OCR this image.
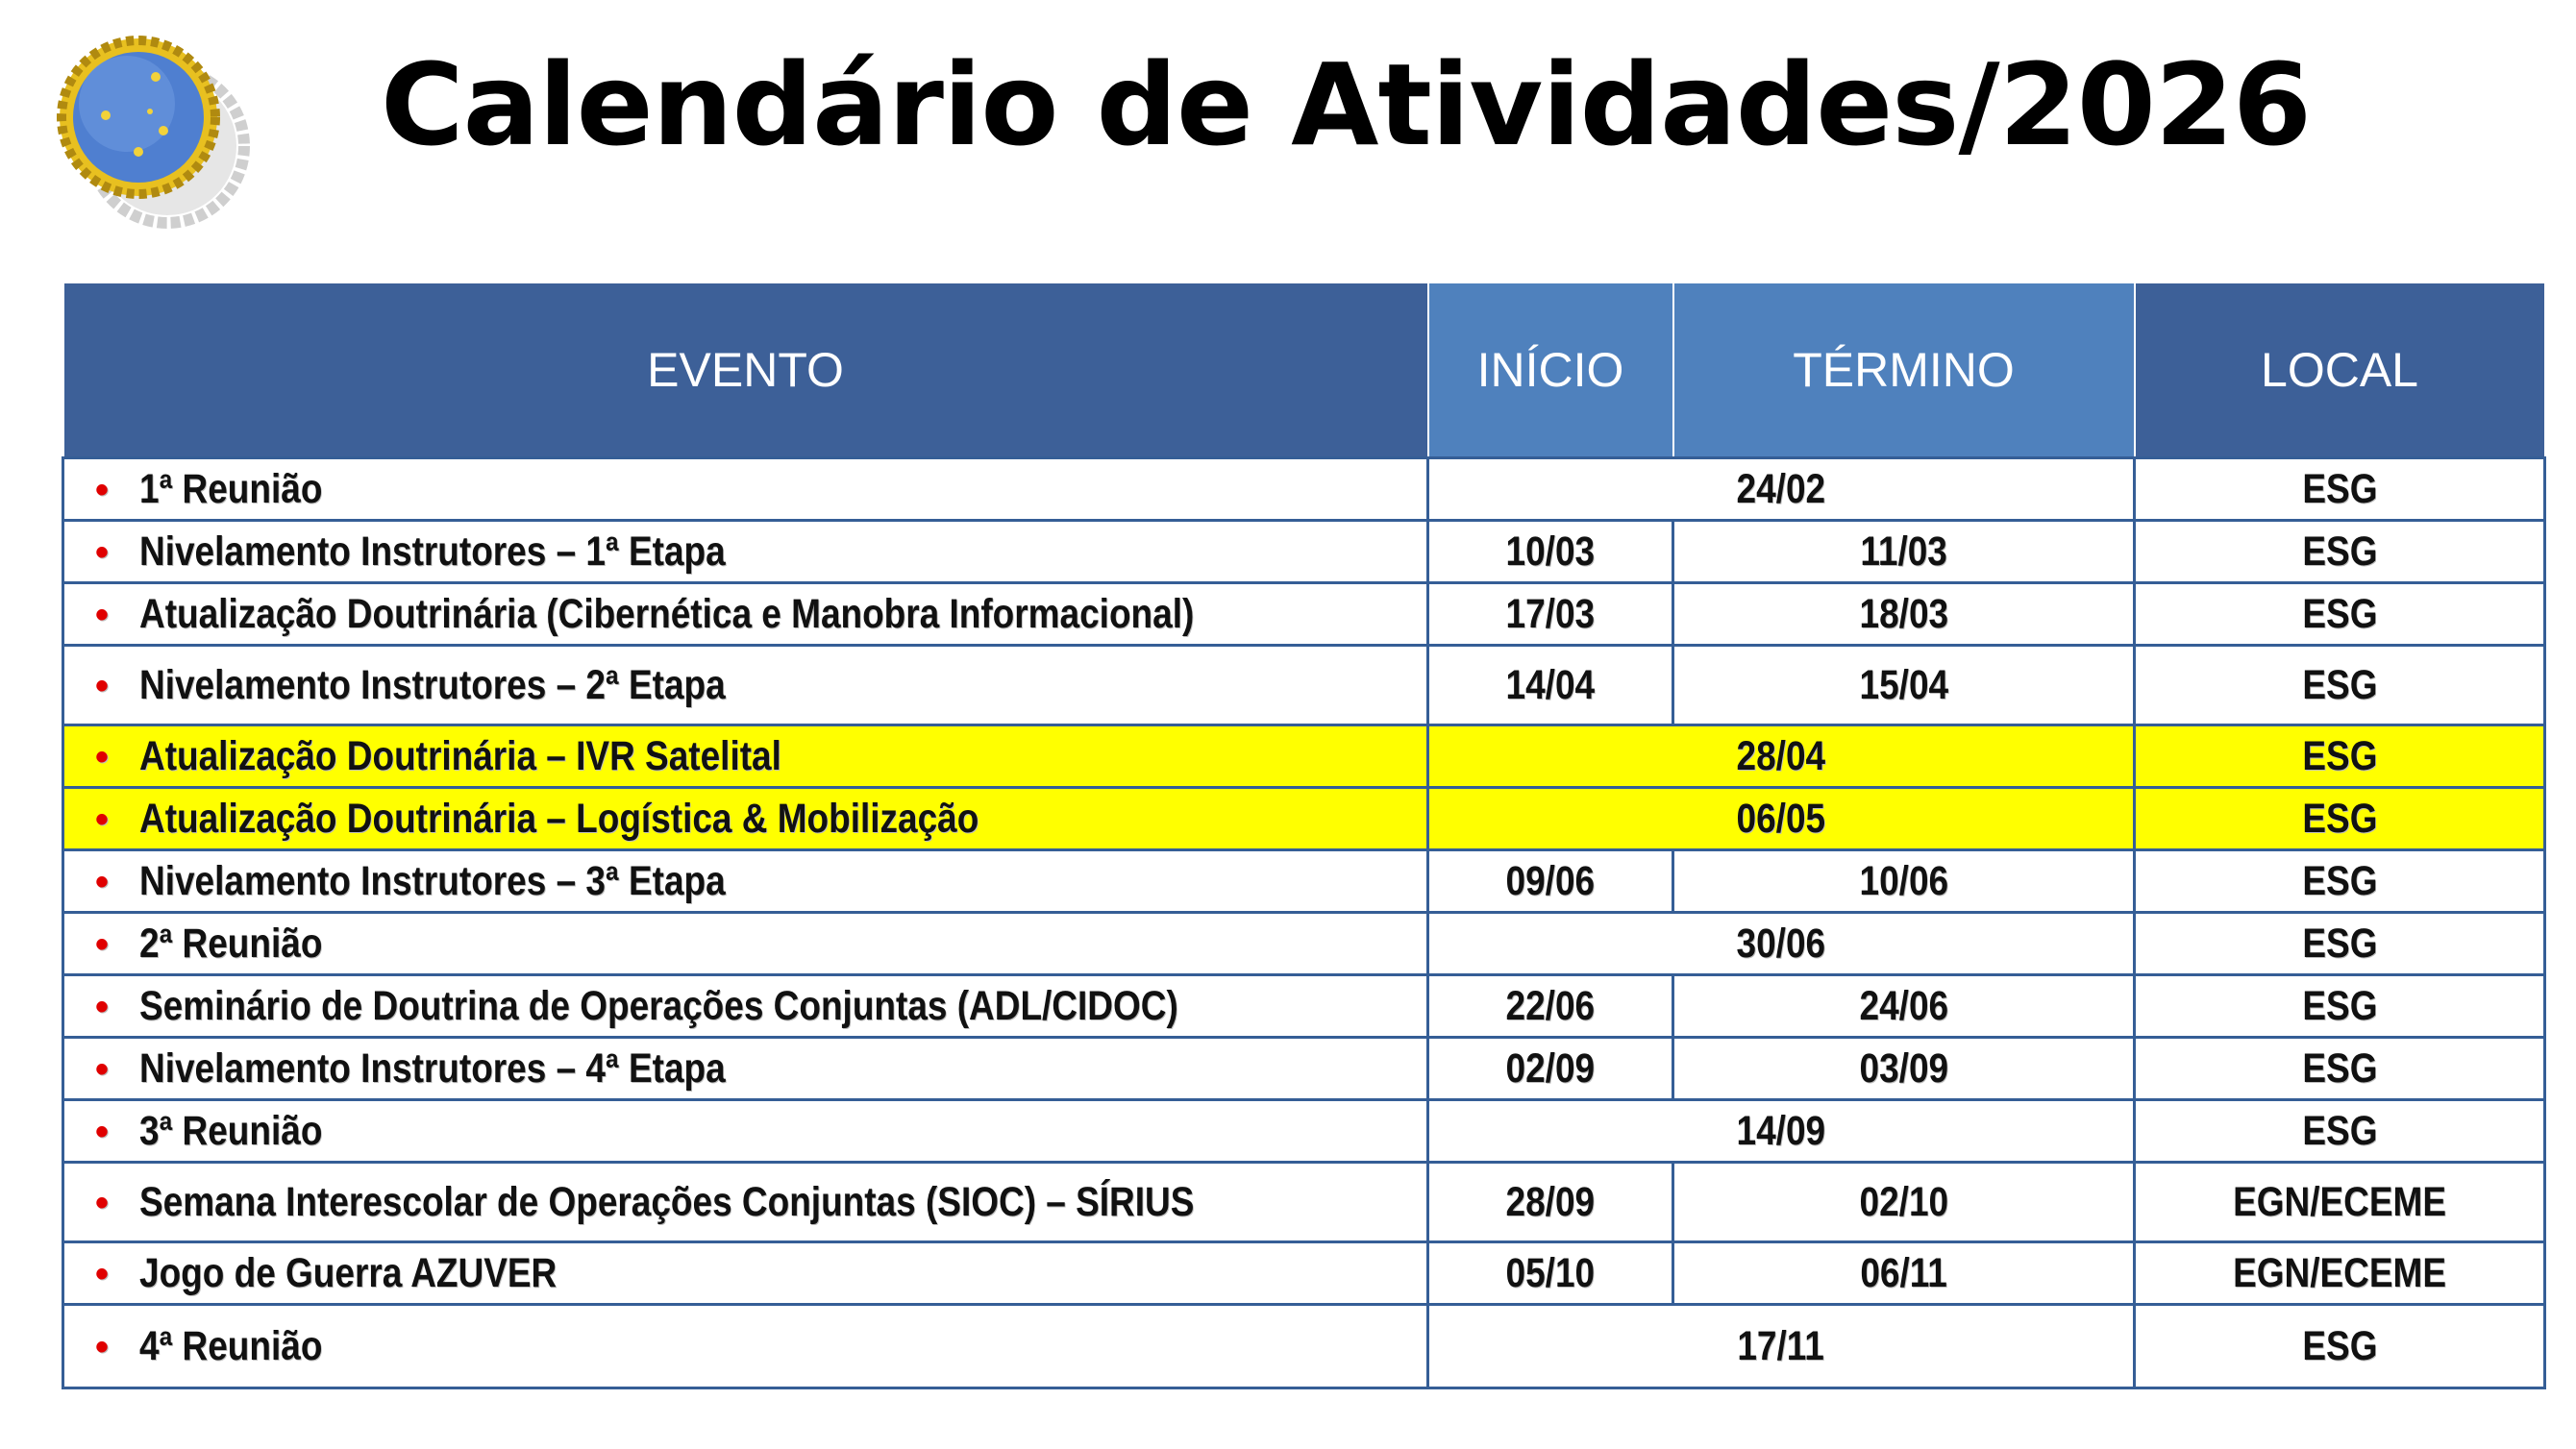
Calendário de Atividades/2026
EVENTO	INÍCIO	TÉRMINO	LOCAL
• 1ª Reunião	24/02		ESG
• Nivelamento Instrutores – 1ª Etapa	10/03	11/03	ESG
• Atualização Doutrinária (Cibernética e Manobra Informacional)	17/03	18/03	ESG
• Nivelamento Instrutores – 2ª Etapa	14/04	15/04	ESG
• Atualização Doutrinária – IVR Satelital	28/04		ESG
• Atualização Doutrinária – Logística & Mobilização	06/05		ESG
• Nivelamento Instrutores – 3ª Etapa	09/06	10/06	ESG
• 2ª Reunião	30/06		ESG
• Seminário de Doutrina de Operações Conjuntas (ADL/CIDOC)	22/06	24/06	ESG
• Nivelamento Instrutores – 4ª Etapa	02/09	03/09	ESG
• 3ª Reunião	14/09		ESG
• Semana Interescolar de Operações Conjuntas (SIOC) – SÍRIUS	28/09	02/10	EGN/ECEME
•Jogo de Guerra AZUVER	05/10	06/11	EGN/ECEME
• 4ª Reunião	17/11		ESG
